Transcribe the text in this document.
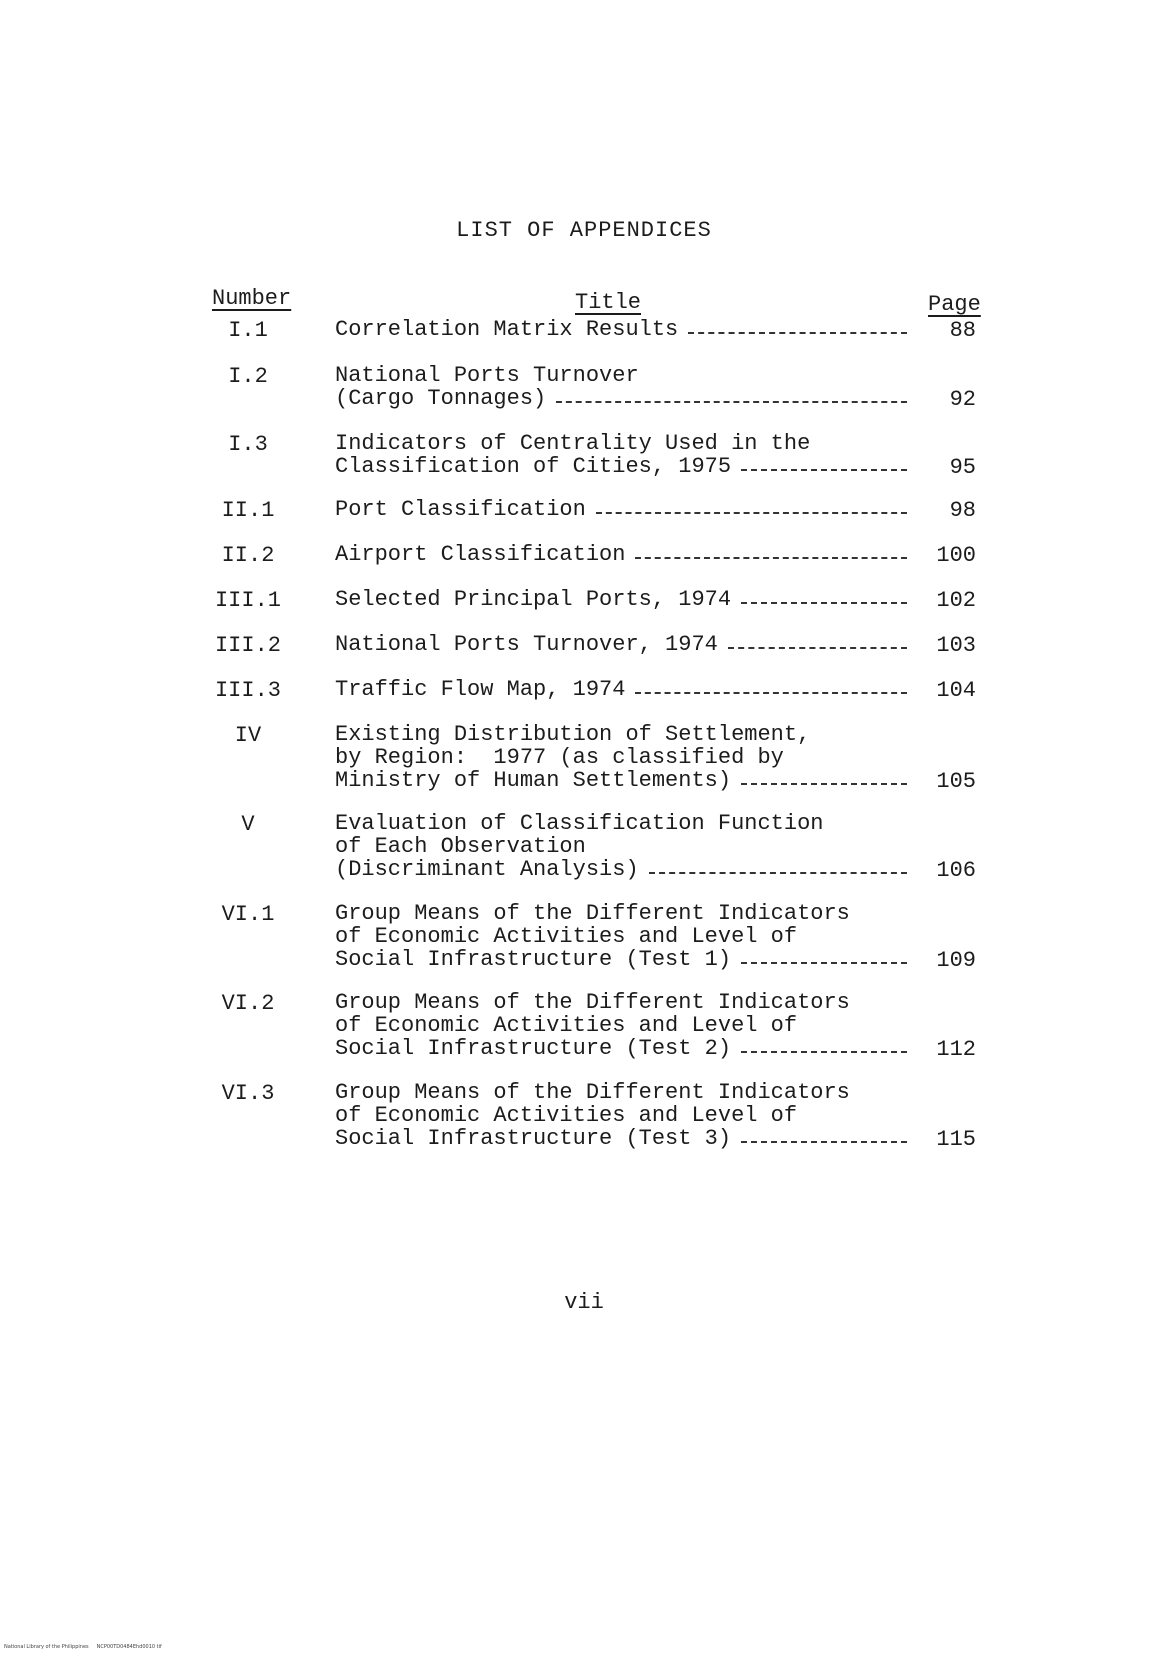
LIST OF APPENDICES
Number	Title	Page
I.1	Correlation Matrix Results	88
I.2	National Ports Turnover
(Cargo Tonnages)	92
I.3	Indicators of Centrality Used in the
Classification of Cities, 1975	95
II.1	Port Classification	98
II.2	Airport Classification	100
III.1	Selected Principal Ports, 1974	102
III.2	National Ports Turnover, 1974	103
III.3	Traffic Flow Map, 1974	104
IV	Existing Distribution of Settlement,
by Region:  1977 (as classified by
Ministry of Human Settlements)	105
V	Evaluation of Classification Function
of Each Observation
(Discriminant Analysis)	106
VI.1	Group Means of the Different Indicators
of Economic Activities and Level of
Social Infrastructure (Test 1)	109
VI.2	Group Means of the Different Indicators
of Economic Activities and Level of
Social Infrastructure (Test 2)	112
VI.3	Group Means of the Different Indicators
of Economic Activities and Level of
Social Infrastructure (Test 3)	115
vii
National Library of the Philippines     NCP00TD0484Ehd0010 tif
